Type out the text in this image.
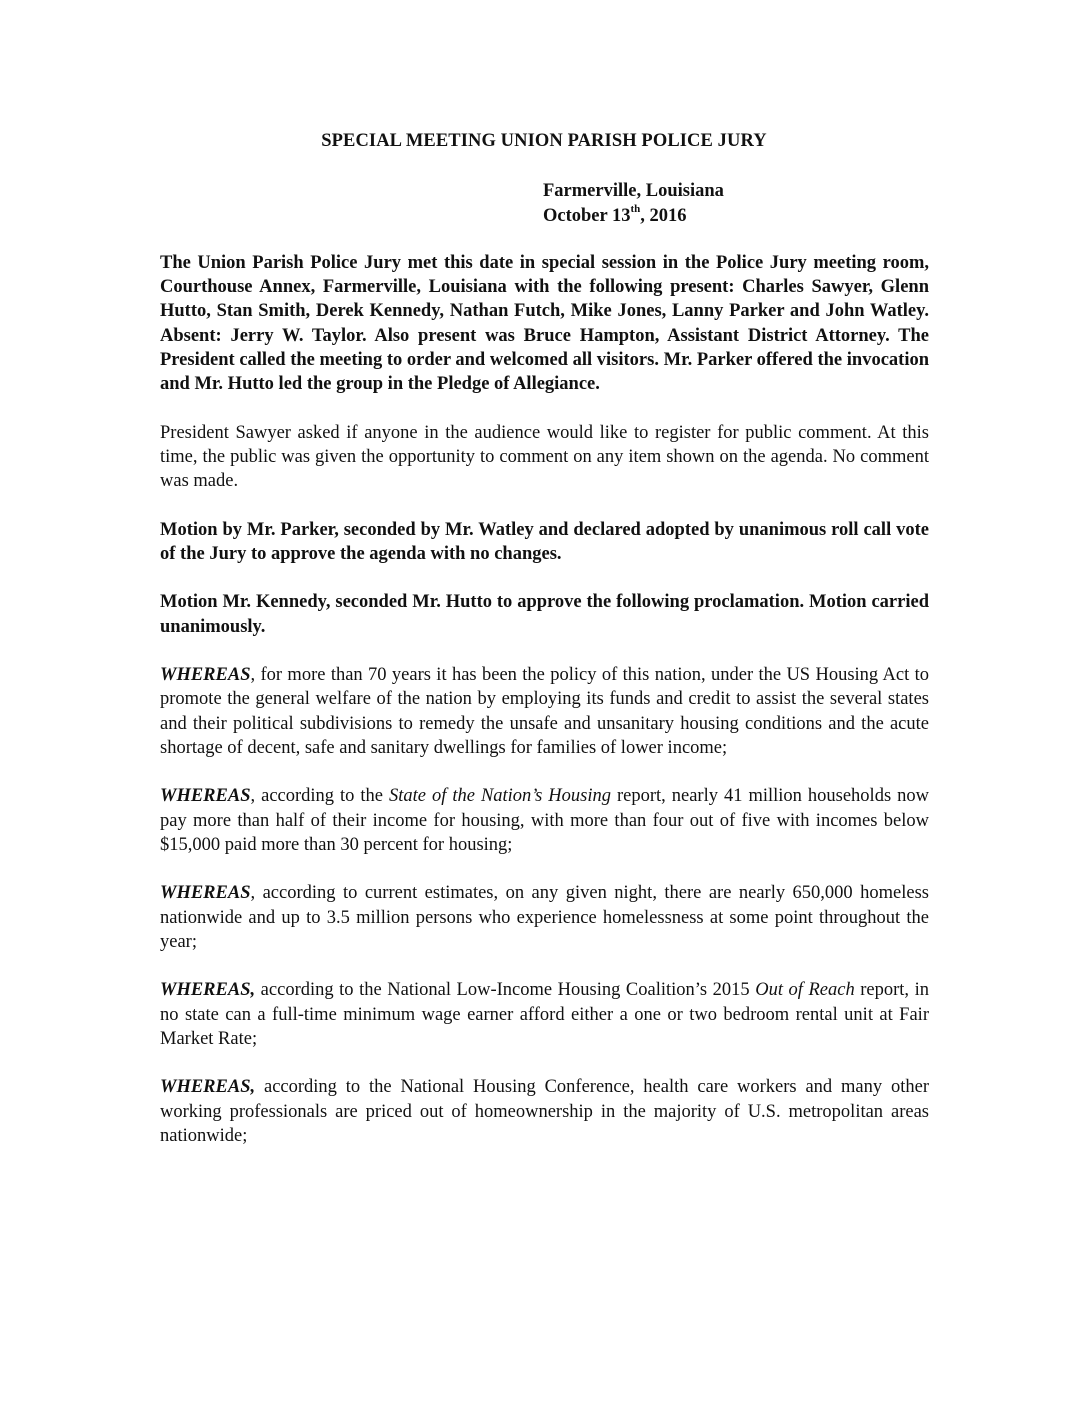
SPECIAL MEETING UNION PARISH POLICE JURY
Farmerville, Louisiana
October 13th, 2016

The Union Parish Police Jury met this date in special session in the Police Jury meeting room, Courthouse Annex, Farmerville, Louisiana with the following present: Charles Sawyer, Glenn Hutto, Stan Smith, Derek Kennedy, Nathan Futch, Mike Jones, Lanny Parker and John Watley. Absent: Jerry W. Taylor. Also present was Bruce Hampton, Assistant District Attorney. The President called the meeting to order and welcomed all visitors. Mr. Parker offered the invocation and Mr. Hutto led the group in the Pledge of Allegiance.

President Sawyer asked if anyone in the audience would like to register for public comment. At this time, the public was given the opportunity to comment on any item shown on the agenda. No comment was made.

Motion by Mr. Parker, seconded by Mr. Watley and declared adopted by unanimous roll call vote of the Jury to approve the agenda with no changes.

Motion Mr. Kennedy, seconded Mr. Hutto to approve the following proclamation. Motion carried unanimously.

WHEREAS, for more than 70 years it has been the policy of this nation, under the US Housing Act to promote the general welfare of the nation by employing its funds and credit to assist the several states and their political subdivisions to remedy the unsafe and unsanitary housing conditions and the acute shortage of decent, safe and sanitary dwellings for families of lower income;

WHEREAS, according to the State of the Nation’s Housing report, nearly 41 million households now pay more than half of their income for housing, with more than four out of five with incomes below $15,000 paid more than 30 percent for housing;

WHEREAS, according to current estimates, on any given night, there are nearly 650,000 homeless nationwide and up to 3.5 million persons who experience homelessness at some point throughout the year;

WHEREAS, according to the National Low-Income Housing Coalition’s 2015 Out of Reach report, in no state can a full-time minimum wage earner afford either a one or two bedroom rental unit at Fair Market Rate;

WHEREAS, according to the National Housing Conference, health care workers and many other working professionals are priced out of homeownership in the majority of U.S. metropolitan areas nationwide;
